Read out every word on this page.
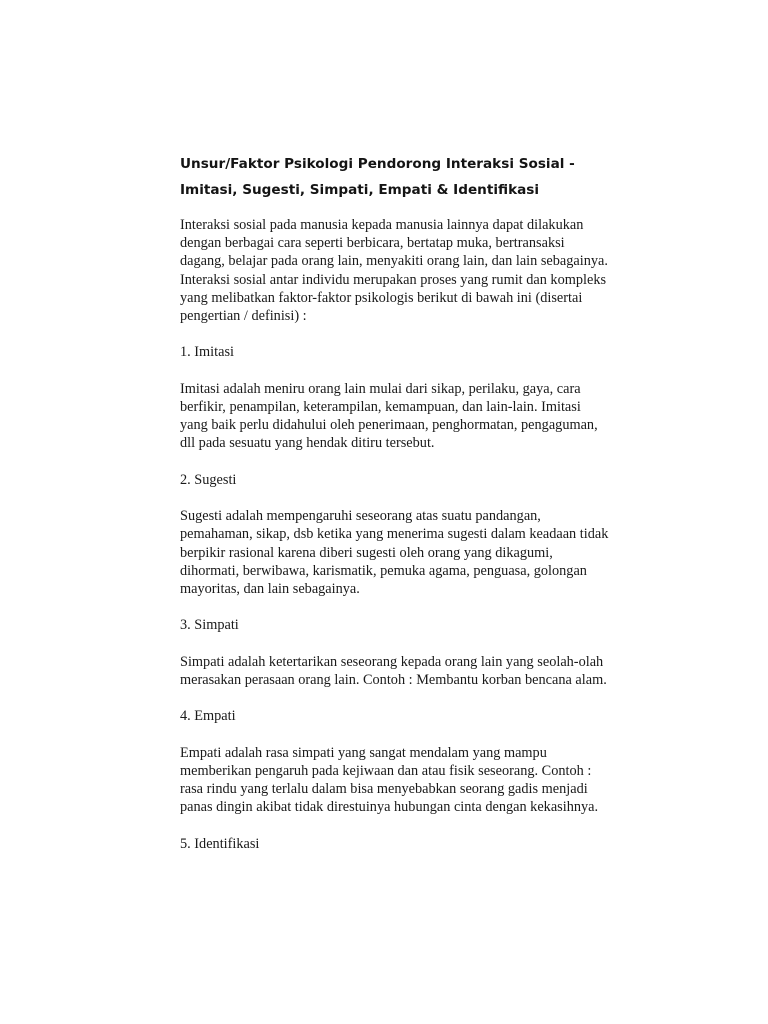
Unsur/Faktor Psikologi Pendorong Interaksi Sosial -
Imitasi, Sugesti, Simpati, Empati & Identifikasi

Interaksi sosial pada manusia kepada manusia lainnya dapat dilakukan
dengan berbagai cara seperti berbicara, bertatap muka, bertransaksi
dagang, belajar pada orang lain, menyakiti orang lain, dan lain sebagainya.
Interaksi sosial antar individu merupakan proses yang rumit dan kompleks
yang melibatkan faktor-faktor psikologis berikut di bawah ini (disertai
pengertian / definisi) :

1. Imitasi

Imitasi adalah meniru orang lain mulai dari sikap, perilaku, gaya, cara
berfikir, penampilan, keterampilan, kemampuan, dan lain-lain. Imitasi
yang baik perlu didahului oleh penerimaan, penghormatan, pengaguman,
dll pada sesuatu yang hendak ditiru tersebut.

2. Sugesti

Sugesti adalah mempengaruhi seseorang atas suatu pandangan,
pemahaman, sikap, dsb ketika yang menerima sugesti dalam keadaan tidak
berpikir rasional karena diberi sugesti oleh orang yang dikagumi,
dihormati, berwibawa, karismatik, pemuka agama, penguasa, golongan
mayoritas, dan lain sebagainya.

3. Simpati

Simpati adalah ketertarikan seseorang kepada orang lain yang seolah-olah
merasakan perasaan orang lain. Contoh : Membantu korban bencana alam.

4. Empati

Empati adalah rasa simpati yang sangat mendalam yang mampu
memberikan pengaruh pada kejiwaan dan atau fisik seseorang. Contoh :
rasa rindu yang terlalu dalam bisa menyebabkan seorang gadis menjadi
panas dingin akibat tidak direstuinya hubungan cinta dengan kekasihnya.

5. Identifikasi
